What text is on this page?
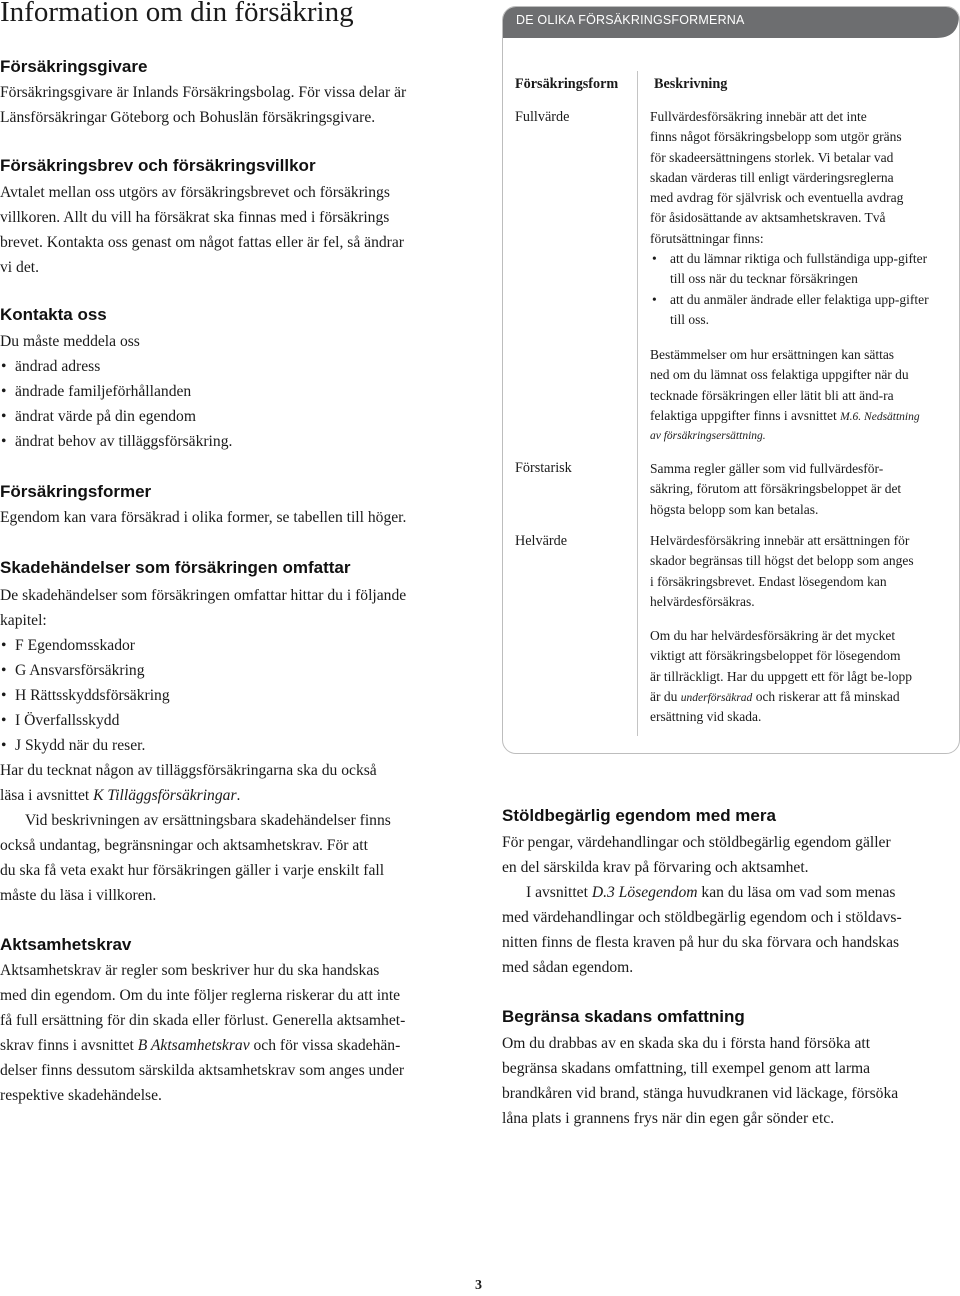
Information om din försäkring
Försäkringsgivare
Försäkringsgivare är Inlands Försäkringsbolag. För vissa delar är
Länsförsäkringar Göteborg och Bohuslän försäkringsgivare.
Försäkringsbrev och försäkringsvillkor
Avtalet mellan oss utgörs av försäkringsbrevet och försäkrings
villkoren. Allt du vill ha försäkrat ska finnas med i försäkrings
brevet. Kontakta oss genast om något fattas eller är fel, så ändrar
vi det.
Kontakta oss
Du måste meddela oss
• ändrad adress
• ändrade familjeförhållanden
• ändrat värde på din egendom
• ändrat behov av tilläggsförsäkring.
Försäkringsformer
Egendom kan vara försäkrad i olika former, se tabellen till höger.
Skadehändelser som försäkringen omfattar
De skadehändelser som försäkringen omfattar hittar du i följande
kapitel:
• F Egendomsskador
• G Ansvarsförsäkring
• H Rättsskyddsförsäkring
• I Överfallsskydd
• J Skydd när du reser.
Har du tecknat någon av tilläggsförsäkringarna ska du också
läsa i avsnittet K Tilläggsförsäkringar.
Vid beskrivningen av ersättningsbara skadehändelser finns
också undantag, begränsningar och aktsamhetskrav. För att
du ska få veta exakt hur försäkringen gäller i varje enskilt fall
måste du läsa i villkoren.
Aktsamhetskrav
Aktsamhetskrav är regler som beskriver hur du ska handskas
med din egendom. Om du inte följer reglerna riskerar du att inte
få full ersättning för din skada eller förlust. Generella aktsamhet-
skrav finns i avsnittet B Aktsamhetskrav och för vissa skadehän-
delser finns dessutom särskilda aktsamhetskrav som anges under
respektive skadehändelse.
DE OLIKA FÖRSÄKRINGSFORMERNA
Försäkringsform	Beskrivning
Fullvärde	Fullvärdesförsäkring innebär att det inte
finns något försäkringsbelopp som utgör gräns
för skadeersättningens storlek. Vi betalar vad
skadan värderas till enligt värderingsreglerna
med avdrag för självrisk och eventuella avdrag
för åsidosättande av aktsamhetskraven. Två
förutsättningar finns:
• att du lämnar riktiga och fullständiga upp-gifter
till oss när du tecknar försäkringen
• att du anmäler ändrade eller felaktiga upp-gifter
till oss.
Bestämmelser om hur ersättningen kan sättas
ned om du lämnat oss felaktiga uppgifter när du
tecknade försäkringen eller lätit bli att änd-ra
felaktiga uppgifter finns i avsnittet M.6. Nedsättning
av försäkringsersättning.
Förstarisk	Samma regler gäller som vid fullvärdesför-
säkring, förutom att försäkringsbeloppet är det
högsta belopp som kan betalas.
Helvärde	Helvärdesförsäkring innebär att ersättningen för
skador begränsas till högst det belopp som anges
i försäkringsbrevet. Endast lösegendom kan
helvärdesförsäkras.
Om du har helvärdesförsäkring är det mycket
viktigt att försäkringsbeloppet för lösegendom
är tillräckligt. Har du uppgett ett för lågt be-lopp
är du underförsäkrad och riskerar att få minskad
ersättning vid skada.
Stöldbegärlig egendom med mera
För pengar, värdehandlingar och stöldbegärlig egendom gäller
en del särskilda krav på förvaring och aktsamhet.
I avsnittet D.3 Lösegendom kan du läsa om vad som menas
med värdehandlingar och stöldbegärlig egendom och i stöldavs-
nitten finns de flesta kraven på hur du ska förvara och handskas
med sådan egendom.
Begränsa skadans omfattning
Om du drabbas av en skada ska du i första hand försöka att
begränsa skadans omfattning, till exempel genom att larma
brandkåren vid brand, stänga huvudkranen vid läckage, försöka
låna plats i grannens frys när din egen går sönder etc.
3
